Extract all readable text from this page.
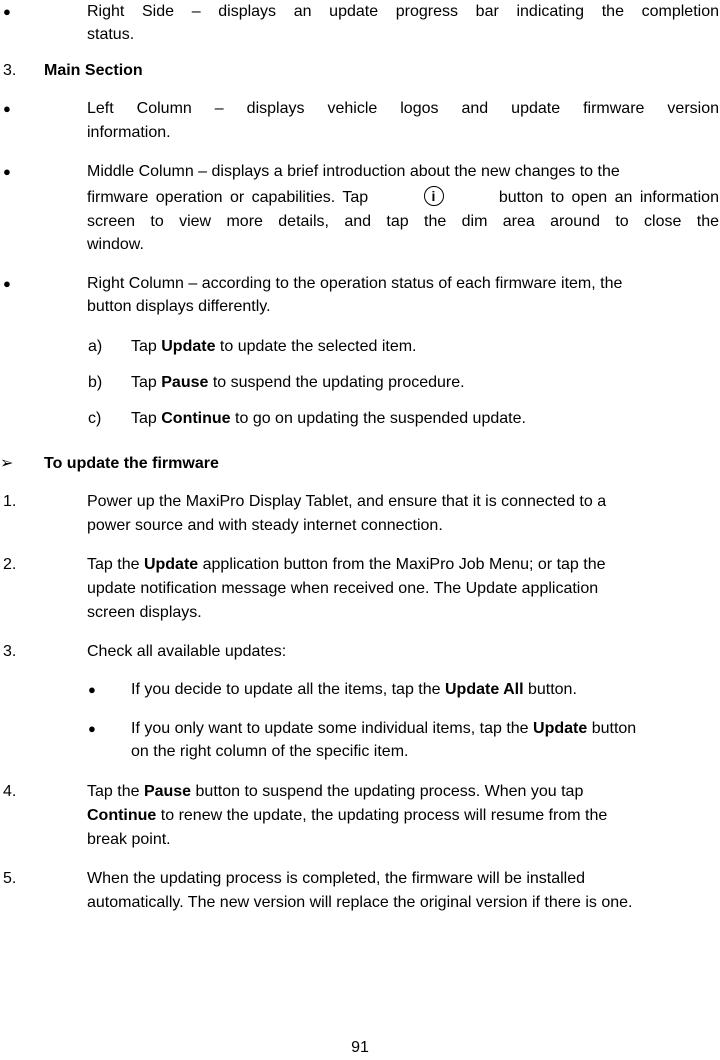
●	Right Side – displays an update progress bar indicating the completion
status.
3. Main Section
●	Left Column – displays vehicle logos and update firmware version
information.
●	Middle Column – displays a brief introduction about the new changes to the
firmware operation or capabilities. Tap	i	button to open an information
screen to view more details, and tap the dim area around to close the
window.
●	Right Column – according to the operation status of each firmware item, the
button displays differently.
a) Tap Update to update the selected item.
b) Tap Pause to suspend the updating procedure.
c) Tap Continue to go on updating the suspended update.
➢ To update the firmware
1.	Power up the MaxiPro Display Tablet, and ensure that it is connected to a
power source and with steady internet connection.
2.	Tap the Update application button from the MaxiPro Job Menu; or tap the
update notification message when received one. The Update application
screen displays.
3.	Check all available updates:
● If you decide to update all the items, tap the Update All button.
● If you only want to update some individual items, tap the Update button
on the right column of the specific item.
4.	Tap the Pause button to suspend the updating process. When you tap
Continue to renew the update, the updating process will resume from the
break point.
5.	When the updating process is completed, the firmware will be installed
automatically. The new version will replace the original version if there is one.
91
